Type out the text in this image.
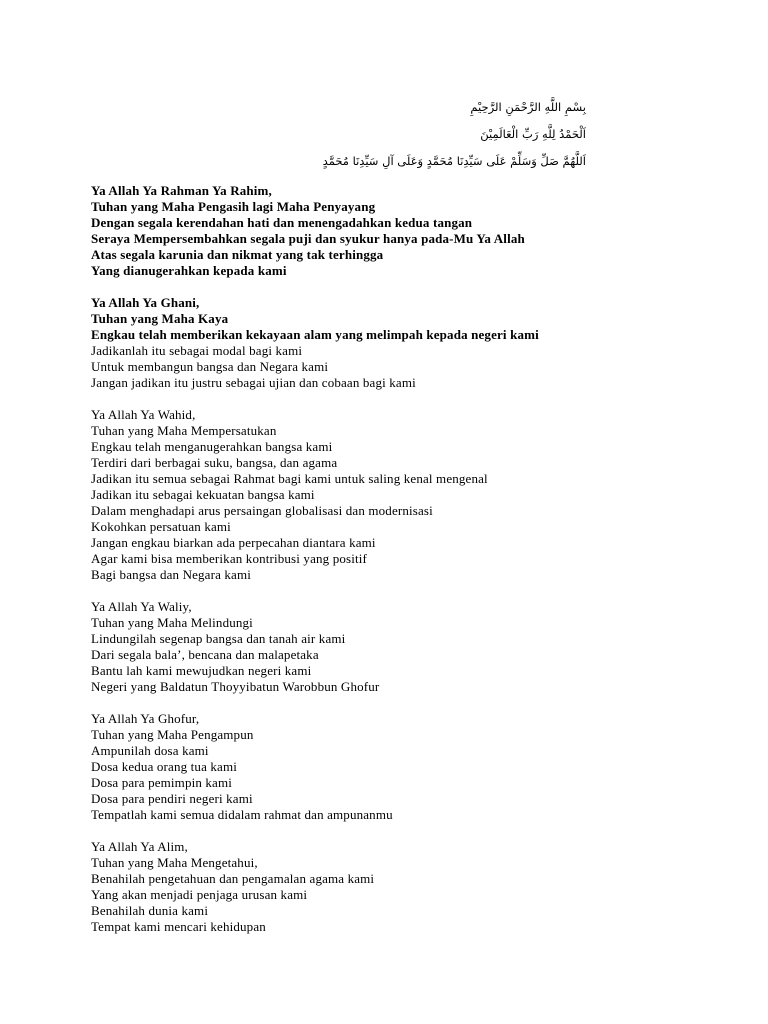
بِسْمِ اللَّهِ الرَّحْمَنِ الرَّحِيْمِ
اَلْحَمْدُ لِلَّهِ رَبِّ الْعَالَمِيْنَ
اَللَّهُمَّ صَلِّ وَسَلِّمْ عَلَى سَيِّدِنَا مُحَمَّدٍ وَعَلَى آلِ سَيِّدِنَا مُحَمَّدٍ
Ya Allah Ya Rahman Ya Rahim,
Tuhan yang Maha Pengasih lagi Maha Penyayang
Dengan segala kerendahan hati dan menengadahkan kedua tangan
Seraya Mempersembahkan segala puji dan syukur hanya pada-Mu Ya Allah
Atas segala karunia dan nikmat yang tak terhingga
Yang dianugerahkan kepada kami
Ya Allah Ya Ghani,
Tuhan yang Maha Kaya
Engkau telah memberikan kekayaan alam yang melimpah kepada negeri kami
Jadikanlah itu sebagai modal bagi kami
Untuk membangun bangsa dan Negara kami
Jangan jadikan itu justru sebagai ujian dan cobaan bagi kami
Ya Allah Ya Wahid,
Tuhan yang Maha Mempersatukan
Engkau telah menganugerahkan bangsa kami
Terdiri dari berbagai suku, bangsa, dan agama
Jadikan itu semua sebagai Rahmat bagi kami untuk saling kenal mengenal
Jadikan itu sebagai kekuatan bangsa kami
Dalam menghadapi arus persaingan globalisasi dan modernisasi
Kokohkan persatuan kami
Jangan engkau biarkan ada perpecahan diantara kami
Agar kami bisa memberikan kontribusi yang positif
Bagi bangsa dan Negara kami
Ya Allah Ya Waliy,
Tuhan yang Maha Melindungi
Lindungilah segenap bangsa dan tanah air kami
Dari segala bala’, bencana dan malapetaka
Bantu lah kami mewujudkan negeri kami
Negeri yang Baldatun Thoyyibatun Warobbun Ghofur
Ya Allah Ya Ghofur,
Tuhan yang Maha Pengampun
Ampunilah dosa kami
Dosa kedua orang tua kami
Dosa para pemimpin kami
Dosa para pendiri negeri kami
Tempatlah kami semua didalam rahmat dan ampunanmu
Ya Allah Ya Alim,
Tuhan yang Maha Mengetahui,
Benahilah pengetahuan dan pengamalan agama kami
Yang akan menjadi penjaga urusan kami
Benahilah dunia kami
Tempat kami mencari kehidupan
